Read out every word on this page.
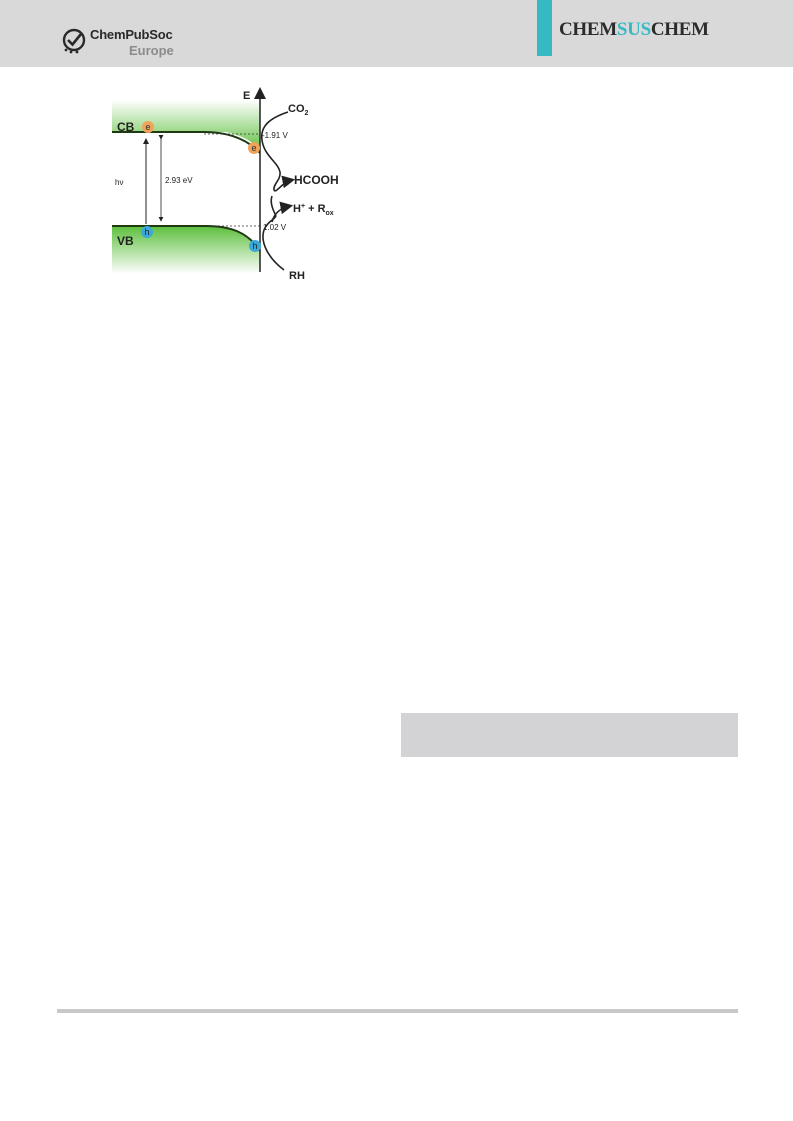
ChemPubSoc
Europe
CHEMSUSCHEM
E
CB
VB
e
e
h
h
hν	2.93 eV
-1.91 V
1.02 V
$CO_2$
HCOOH
$H^+ + R_{ox}$
RH
